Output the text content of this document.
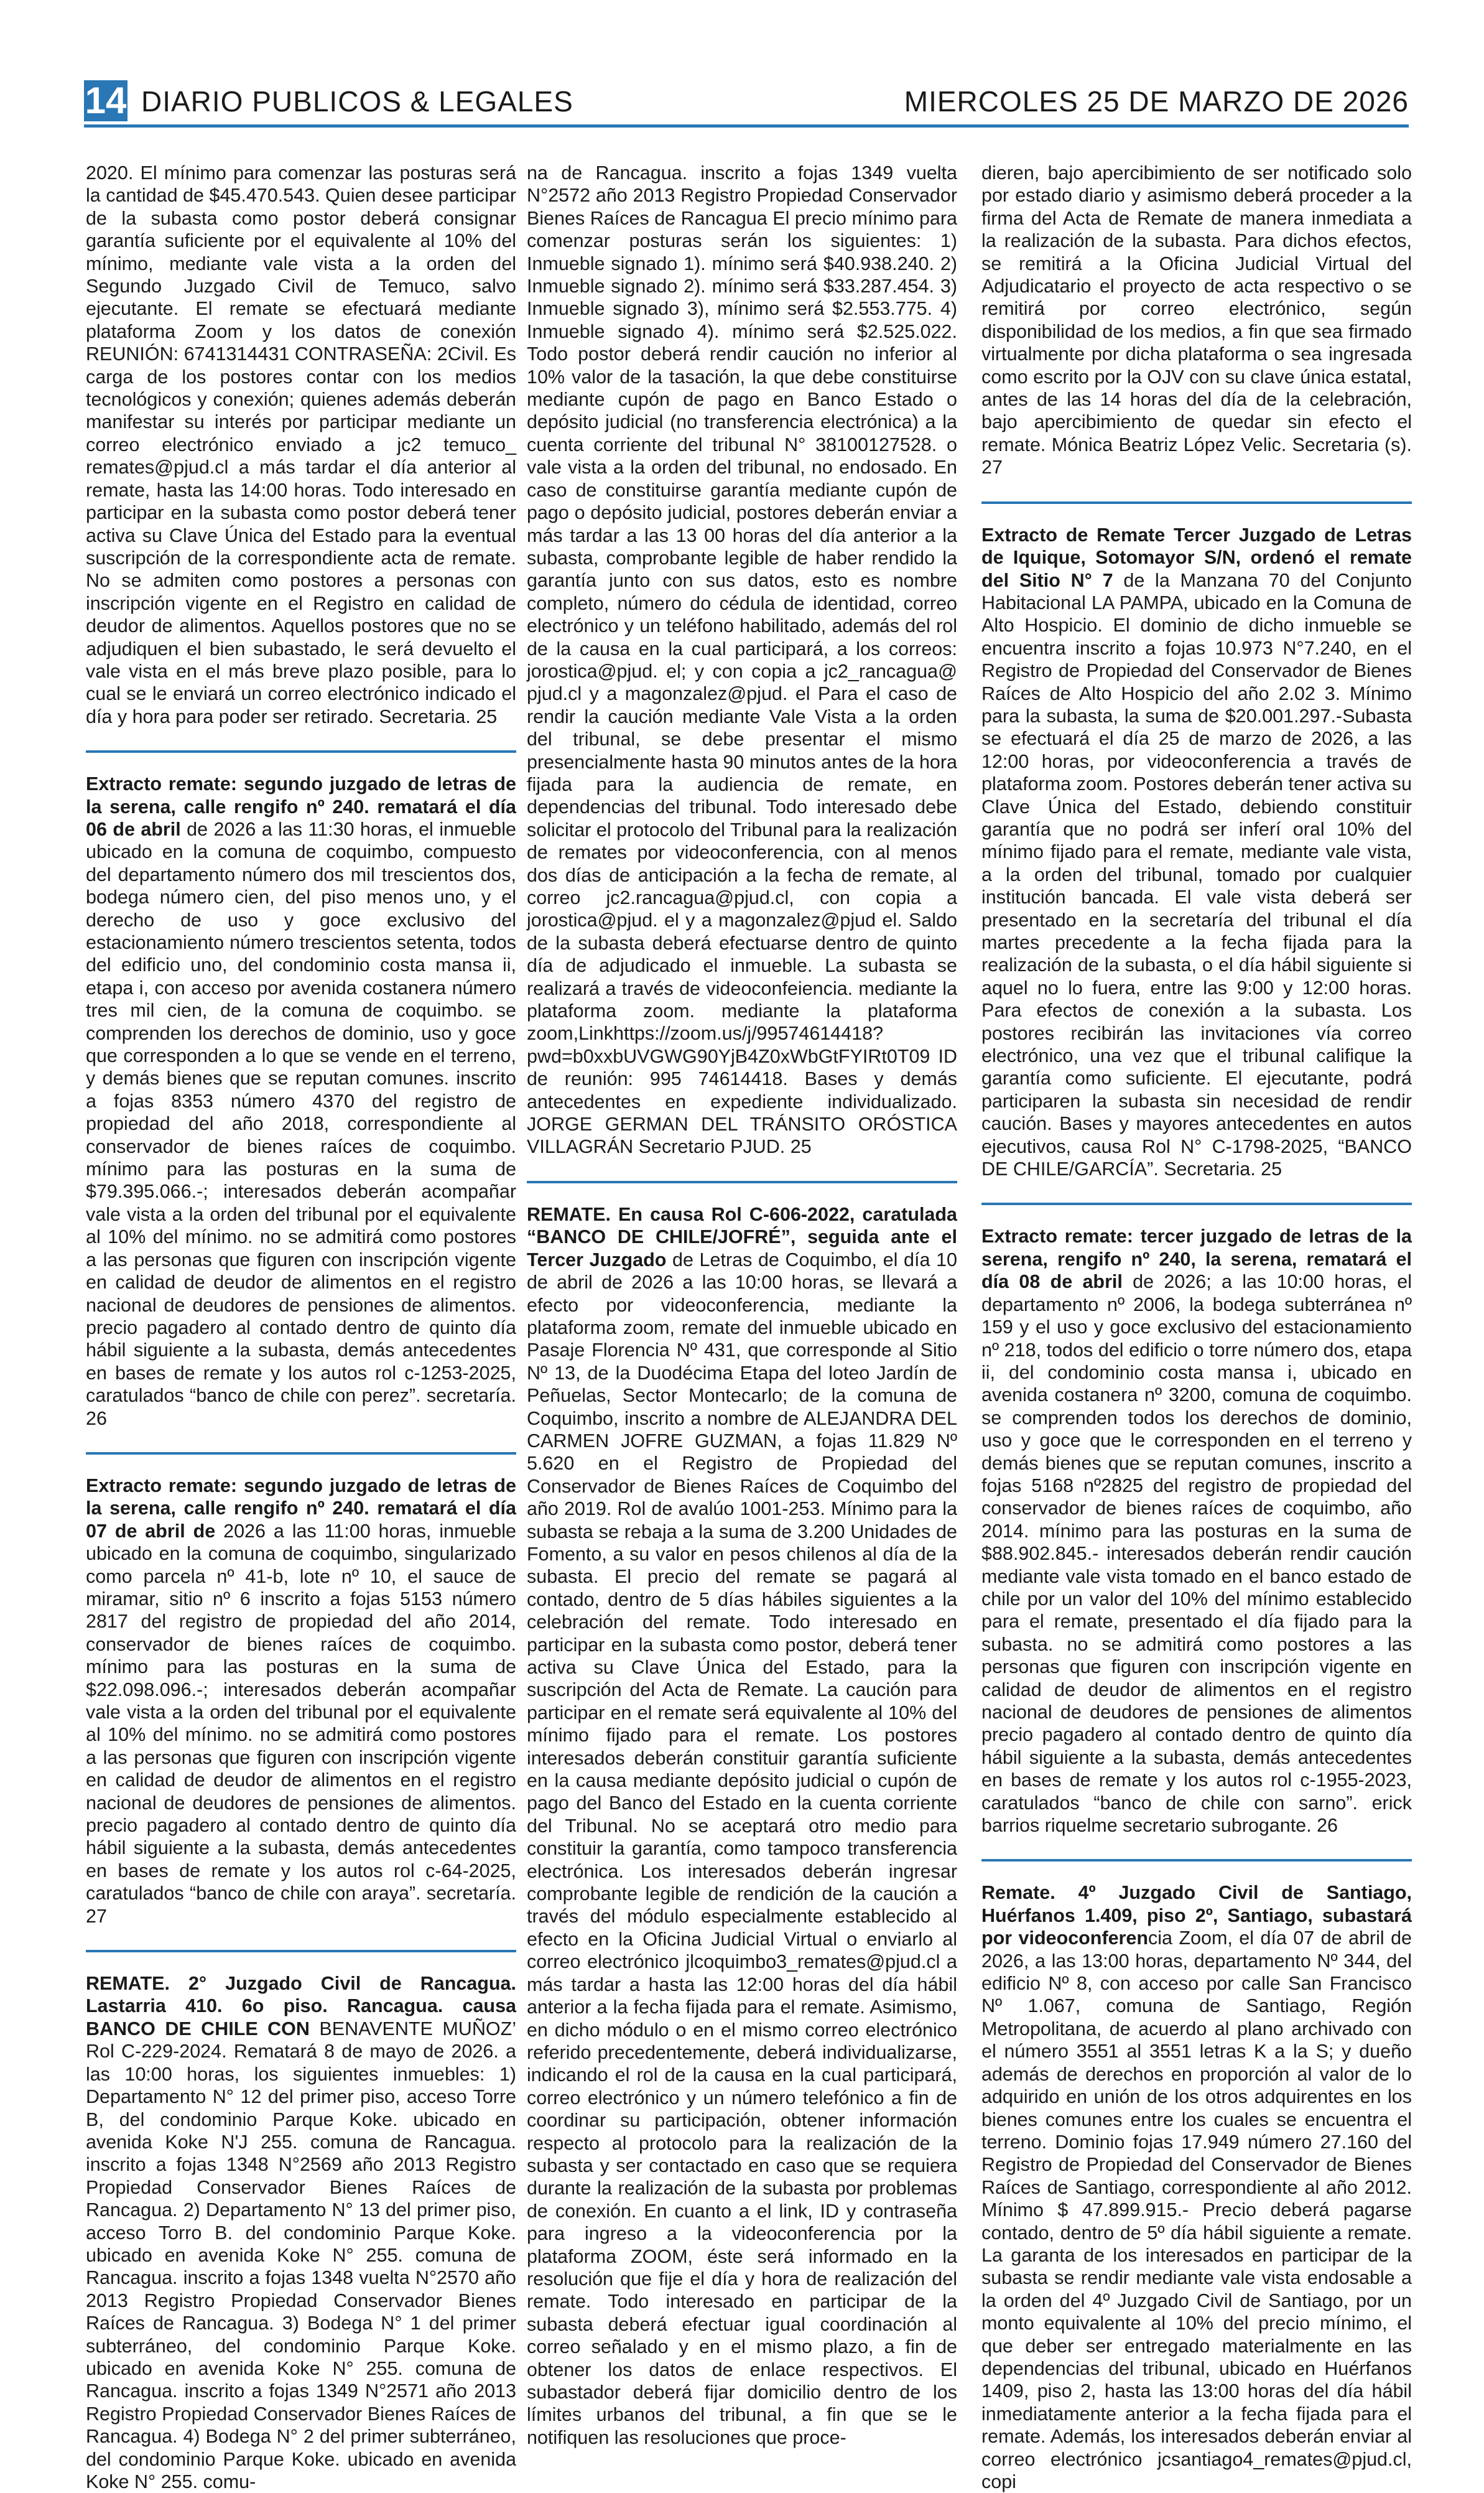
14 DIARIO PUBLICOS & LEGALES	MIERCOLES 25 DE MARZO DE 2026

2020. El mínimo para comenzar las posturas será la cantidad de $45.470.543. Quien desee participar de la subasta como postor deberá consignar garantía suficiente por el equivalente al 10% del mínimo, mediante vale vista a la orden del Segundo Juzgado Civil de Temuco, salvo ejecutante. El remate se efectuará mediante plataforma Zoom y los datos de conexión REUNIÓN: 6741314431 CONTRASEÑA: 2Civil. Es carga de los postores contar con los medios tecnológicos y conexión; quienes además deberán manifestar su interés por participar mediante un correo electrónico enviado a jc2 temuco_ remates@pjud.cl a más tardar el día anterior al remate, hasta las 14:00 horas. Todo interesado en participar en la subasta como postor deberá tener activa su Clave Única del Estado para la eventual suscripción de la correspondiente acta de remate. No se admiten como postores a personas con inscripción vigente en el Registro en calidad de deudor de alimentos. Aquellos postores que no se adjudiquen el bien subastado, le será devuelto el vale vista en el más breve plazo posible, para lo cual se le enviará un correo electrónico indicado el día y hora para poder ser retirado. Secretaria. 25

Extracto remate: segundo juzgado de letras de la serena, calle rengifo nº 240. rematará el día 06 de abril de 2026 a las 11:30 horas, el inmueble ubicado en la comuna de coquimbo, compuesto del departamento número dos mil trescientos dos, bodega número cien, del piso menos uno, y el derecho de uso y goce exclusivo del estacionamiento número trescientos setenta, todos del edificio uno, del condominio costa mansa ii, etapa i, con acceso por avenida costanera número tres mil cien, de la comuna de coquimbo. se comprenden los derechos de dominio, uso y goce que corresponden a lo que se vende en el terreno, y demás bienes que se reputan comunes. inscrito a fojas 8353 número 4370 del registro de propiedad del año 2018, correspondiente al conservador de bienes raíces de coquimbo. mínimo para las posturas en la suma de $79.395.066.-; interesados deberán acompañar vale vista a la orden del tribunal por el equivalente al 10% del mínimo. no se admitirá como postores a las personas que figuren con inscripción vigente en calidad de deudor de alimentos en el registro nacional de deudores de pensiones de alimentos. precio pagadero al contado dentro de quinto día hábil siguiente a la subasta, demás antecedentes en bases de remate y los autos rol c-1253-2025, caratulados “banco de chile con perez”. secretaría. 26

Extracto remate: segundo juzgado de letras de la serena, calle rengifo nº 240. rematará el día 07 de abril de 2026 a las 11:00 horas, inmueble ubicado en la comuna de coquimbo, singularizado como parcela nº 41-b, lote nº 10, el sauce de miramar, sitio nº 6 inscrito a fojas 5153 número 2817 del registro de propiedad del año 2014, conservador de bienes raíces de coquimbo. mínimo para las posturas en la suma de $22.098.096.-; interesados deberán acompañar vale vista a la orden del tribunal por el equivalente al 10% del mínimo. no se admitirá como postores a las personas que figuren con inscripción vigente en calidad de deudor de alimentos en el registro nacional de deudores de pensiones de alimentos. precio pagadero al contado dentro de quinto día hábil siguiente a la subasta, demás antecedentes en bases de remate y los autos rol c-64-2025, caratulados “banco de chile con araya”. secretaría. 27

REMATE. 2° Juzgado Civil de Rancagua. Lastarria 410. 6o piso. Rancagua. causa BANCO DE CHILE CON BENAVENTE MUÑOZ’ Rol C-229-2024. Rematará 8 de mayo de 2026. a las 10:00 horas, los siguientes inmuebles: 1) Departamento N° 12 del primer piso, acceso Torre B, del condominio Parque Koke. ubicado en avenida Koke N'J 255. comuna de Rancagua. inscrito a fojas 1348 N°2569 año 2013 Registro Propiedad Conservador Bienes Raíces de Rancagua. 2) Departamento N° 13 del primer piso, acceso Torro B. del condominio Parque Koke. ubicado en avenida Koke N° 255. comuna de Rancagua. inscrito a fojas 1348 vuelta N°2570 año 2013 Registro Propiedad Conservador Bienes Raíces de Rancagua. 3) Bodega N° 1 del primer subterráneo, del condominio Parque Koke. ubicado en avenida Koke N° 255. comuna de Rancagua. inscrito a fojas 1349 N°2571 año 2013 Registro Propiedad Conservador Bienes Raíces de Rancagua. 4) Bodega N° 2 del primer subterráneo, del condominio Parque Koke. ubicado en avenida Koke N° 255. comu-

na de Rancagua. inscrito a fojas 1349 vuelta N°2572 año 2013 Registro Propiedad Conservador Bienes Raíces de Rancagua El precio mínimo para comenzar posturas serán los siguientes: 1) Inmueble signado 1). mínimo será $40.938.240. 2) Inmueble signado 2). mínimo será $33.287.454. 3) Inmueble signado 3), mínimo será $2.553.775. 4) Inmueble signado 4). mínimo será $2.525.022. Todo postor deberá rendir caución no inferior al 10% valor de la tasación, la que debe constituirse mediante cupón de pago en Banco Estado o depósito judicial (no transferencia electrónica) a la cuenta corriente del tribunal N° 38100127528. o vale vista a la orden del tribunal, no endosado. En caso de constituirse garantía mediante cupón de pago o depósito judicial, postores deberán enviar a más tardar a las 13 00 horas del día anterior a la subasta, comprobante legible de haber rendido la garantía junto con sus datos, esto es nombre completo, número do cédula de identidad, correo electrónico y un teléfono habilitado, además del rol de la causa en la cual participará, a los correos: jorostica@pjud. el; y con copia a jc2_rancagua@ pjud.cl y a magonzalez@pjud. el Para el caso de rendir la caución mediante Vale Vista a la orden del tribunal, se debe presentar el mismo presencialmente hasta 90 minutos antes de la hora fijada para la audiencia de remate, en dependencias del tribunal. Todo interesado debe solicitar el protocolo del Tribunal para la realización de remates por videoconferencia, con al menos dos días de anticipación a la fecha de remate, al correo jc2.rancagua@pjud.cl, con copia a jorostica@pjud. el y a magonzalez@pjud el. Saldo de la subasta deberá efectuarse dentro de quinto día de adjudicado el inmueble. La subasta se realizará a través de videoconfeiencia. mediante la plataforma zoom. mediante la plataforma zoom,Linkhttps://zoom.us/j/99574614418?pwd=b0xxbUVGWG90YjB4Z0xWbGtFYIRt0T09 ID de reunión: 995 74614418. Bases y demás antecedentes en expediente individualizado. JORGE GERMAN DEL TRÁNSITO ORÓSTICA VILLAGRÁN Secretario PJUD. 25

REMATE. En causa Rol C-606-2022, caratulada “BANCO DE CHILE/JOFRÉ”, seguida ante el Tercer Juzgado de Letras de Coquimbo, el día 10 de abril de 2026 a las 10:00 horas, se llevará a efecto por videoconferencia, mediante la plataforma zoom, remate del inmueble ubicado en Pasaje Florencia Nº 431, que corresponde al Sitio Nº 13, de la Duodécima Etapa del loteo Jardín de Peñuelas, Sector Montecarlo; de la comuna de Coquimbo, inscrito a nombre de ALEJANDRA DEL CARMEN JOFRE GUZMAN, a fojas 11.829 Nº 5.620 en el Registro de Propiedad del Conservador de Bienes Raíces de Coquimbo del año 2019. Rol de avalúo 1001-253. Mínimo para la subasta se rebaja a la suma de 3.200 Unidades de Fomento, a su valor en pesos chilenos al día de la subasta. El precio del remate se pagará al contado, dentro de 5 días hábiles siguientes a la celebración del remate. Todo interesado en participar en la subasta como postor, deberá tener activa su Clave Única del Estado, para la suscripción del Acta de Remate. La caución para participar en el remate será equivalente al 10% del mínimo fijado para el remate. Los postores interesados deberán constituir garantía suficiente en la causa mediante depósito judicial o cupón de pago del Banco del Estado en la cuenta corriente del Tribunal. No se aceptará otro medio para constituir la garantía, como tampoco transferencia electrónica. Los interesados deberán ingresar comprobante legible de rendición de la caución a través del módulo especialmente establecido al efecto en la Oficina Judicial Virtual o enviarlo al correo electrónico jlcoquimbo3_remates@pjud.cl a más tardar a hasta las 12:00 horas del día hábil anterior a la fecha fijada para el remate. Asimismo, en dicho módulo o en el mismo correo electrónico referido precedentemente, deberá individualizarse, indicando el rol de la causa en la cual participará, correo electrónico y un número telefónico a fin de coordinar su participación, obtener información respecto al protocolo para la realización de la subasta y ser contactado en caso que se requiera durante la realización de la subasta por problemas de conexión. En cuanto a el link, ID y contraseña para ingreso a la videoconferencia por la plataforma ZOOM, éste será informado en la resolución que fije el día y hora de realización del remate. Todo interesado en participar de la subasta deberá efectuar igual coordinación al correo señalado y en el mismo plazo, a fin de obtener los datos de enlace respectivos. El subastador deberá fijar domicilio dentro de los límites urbanos del tribunal, a fin que se le notifiquen las resoluciones que proce-

dieren, bajo apercibimiento de ser notificado solo por estado diario y asimismo deberá proceder a la firma del Acta de Remate de manera inmediata a la realización de la subasta. Para dichos efectos, se remitirá a la Oficina Judicial Virtual del Adjudicatario el proyecto de acta respectivo o se remitirá por correo electrónico, según disponibilidad de los medios, a fin que sea firmado virtualmente por dicha plataforma o sea ingresada como escrito por la OJV con su clave única estatal, antes de las 14 horas del día de la celebración, bajo apercibimiento de quedar sin efecto el remate. Mónica Beatriz López Velic. Secretaria (s). 27

Extracto de Remate Tercer Juzgado de Letras de Iquique, Sotomayor S/N, ordenó el remate del Sitio N° 7 de la Manzana 70 del Conjunto Habitacional LA PAMPA, ubicado en la Comuna de Alto Hospicio. El dominio de dicho inmueble se encuentra inscrito a fojas 10.973 N°7.240, en el Registro de Propiedad del Conservador de Bienes Raíces de Alto Hospicio del año 2.02 3. Mínimo para la subasta, la suma de $20.001.297.-Subasta se efectuará el día 25 de marzo de 2026, a las 12:00 horas, por videoconferencia a través de plataforma zoom. Postores deberán tener activa su Clave Única del Estado, debiendo constituir garantía que no podrá ser inferí oral 10% del mínimo fijado para el remate, mediante vale vista, a la orden del tribunal, tomado por cualquier institución bancada. El vale vista deberá ser presentado en la secretaría del tribunal el día martes precedente a la fecha fijada para la realización de la subasta, o el día hábil siguiente si aquel no lo fuera, entre las 9:00 y 12:00 horas. Para efectos de conexión a la subasta. Los postores recibirán las invitaciones vía correo electrónico, una vez que el tribunal califique la garantía como suficiente. El ejecutante, podrá participaren la subasta sin necesidad de rendir caución. Bases y mayores antecedentes en autos ejecutivos, causa Rol N° C-1798-2025, “BANCO DE CHILE/GARCÍA”. Secretaria. 25

Extracto remate: tercer juzgado de letras de la serena, rengifo nº 240, la serena, rematará el día 08 de abril de 2026; a las 10:00 horas, el departamento nº 2006, la bodega subterránea nº 159 y el uso y goce exclusivo del estacionamiento nº 218, todos del edificio o torre número dos, etapa ii, del condominio costa mansa i, ubicado en avenida costanera nº 3200, comuna de coquimbo. se comprenden todos los derechos de dominio, uso y goce que le corresponden en el terreno y demás bienes que se reputan comunes, inscrito a fojas 5168 nº2825 del registro de propiedad del conservador de bienes raíces de coquimbo, año 2014. mínimo para las posturas en la suma de $88.902.845.- interesados deberán rendir caución mediante vale vista tomado en el banco estado de chile por un valor del 10% del mínimo establecido para el remate, presentado el día fijado para la subasta. no se admitirá como postores a las personas que figuren con inscripción vigente en calidad de deudor de alimentos en el registro nacional de deudores de pensiones de alimentos precio pagadero al contado dentro de quinto día hábil siguiente a la subasta, demás antecedentes en bases de remate y los autos rol c-1955-2023, caratulados “banco de chile con sarno”. erick barrios riquelme secretario subrogante. 26

Remate. 4º Juzgado Civil de Santiago, Huérfanos 1.409, piso 2º, Santiago, subastará por videoconferencia Zoom, el día 07 de abril de 2026, a las 13:00 horas, departamento Nº 344, del edificio Nº 8, con acceso por calle San Francisco Nº 1.067, comuna de Santiago, Región Metropolitana, de acuerdo al plano archivado con el número 3551 al 3551 letras K a la S; y dueño además de derechos en proporción al valor de lo adquirido en unión de los otros adquirentes en los bienes comunes entre los cuales se encuentra el terreno. Dominio fojas 17.949 número 27.160 del Registro de Propiedad del Conservador de Bienes Raíces de Santiago, correspondiente al año 2012. Mínimo $ 47.899.915.- Precio deberá pagarse contado, dentro de 5º día hábil siguiente a remate. La garanta de los interesados en participar de la subasta se rendir mediante vale vista endosable a la orden del 4º Juzgado Civil de Santiago, por un monto equivalente al 10% del precio mínimo, el que deber ser entregado materialmente en las dependencias del tribunal, ubicado en Huérfanos 1409, piso 2, hasta las 13:00 horas del día hábil inmediatamente anterior a la fecha fijada para el remate. Además, los interesados deberán enviar al correo electrónico jcsantiago4_remates@pjud.cl, copi
